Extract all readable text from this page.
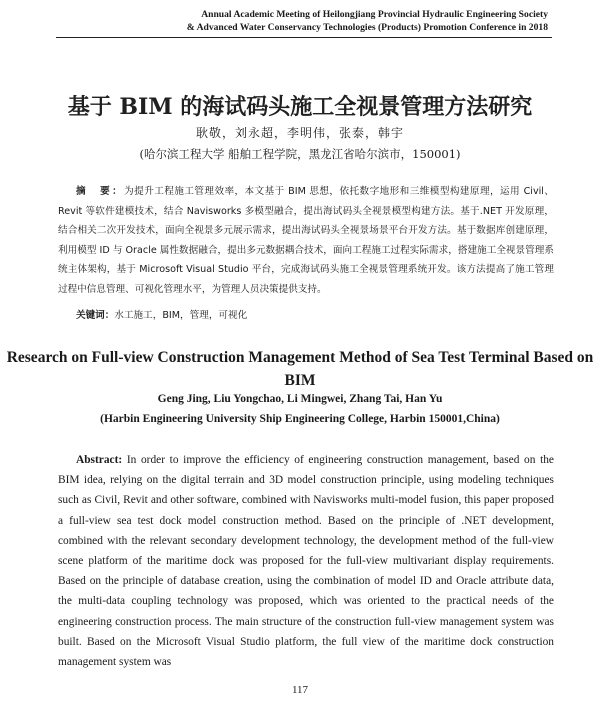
Annual Academic Meeting of Heilongjiang Provincial Hydraulic Engineering Society
& Advanced Water Conservancy Technologies (Products) Promotion Conference in 2018
基于 BIM 的海试码头施工全视景管理方法研究
耿敬，刘永超，李明伟，张泰，韩宇
(哈尔滨工程大学 船舶工程学院，黑龙江省哈尔滨市，150001)
摘　要：为提升工程施工管理效率，本文基于 BIM 思想，依托数字地形和三维模型构建原理，运用 Civil、Revit 等软件建模技术，结合 Navisworks 多模型融合，提出海试码头全视景模型构建方法。基于.NET 开发原理，结合相关二次开发技术，面向全视景多元展示需求，提出海试码头全视景场景平台开发方法。基于数据库创建原理，利用模型 ID 与 Oracle 属性数据融合，提出多元数据耦合技术，面向工程施工过程实际需求，搭建施工全视景管理系统主体架构，基于 Microsoft Visual Studio 平台，完成海试码头施工全视景管理系统开发。该方法提高了施工管理过程中信息管理、可视化管理水平，为管理人员决策提供支持。
关键词：水工施工，BIM，管理，可视化
Research on Full-view Construction Management Method of Sea Test Terminal Based on BIM
Geng Jing, Liu Yongchao, Li Mingwei, Zhang Tai, Han Yu
(Harbin Engineering University Ship Engineering College, Harbin 150001,China)
Abstract: In order to improve the efficiency of engineering construction management, based on the BIM idea, relying on the digital terrain and 3D model construction principle, using modeling techniques such as Civil, Revit and other software, combined with Navisworks multi-model fusion, this paper proposed a full-view sea test dock model construction method. Based on the principle of .NET development, combined with the relevant secondary development technology, the development method of the full-view scene platform of the maritime dock was proposed for the full-view multivariant display requirements. Based on the principle of database creation, using the combination of model ID and Oracle attribute data, the multi-data coupling technology was proposed, which was oriented to the practical needs of the engineering construction process. The main structure of the construction full-view management system was built. Based on the Microsoft Visual Studio platform, the full view of the maritime dock construction management system was
117
